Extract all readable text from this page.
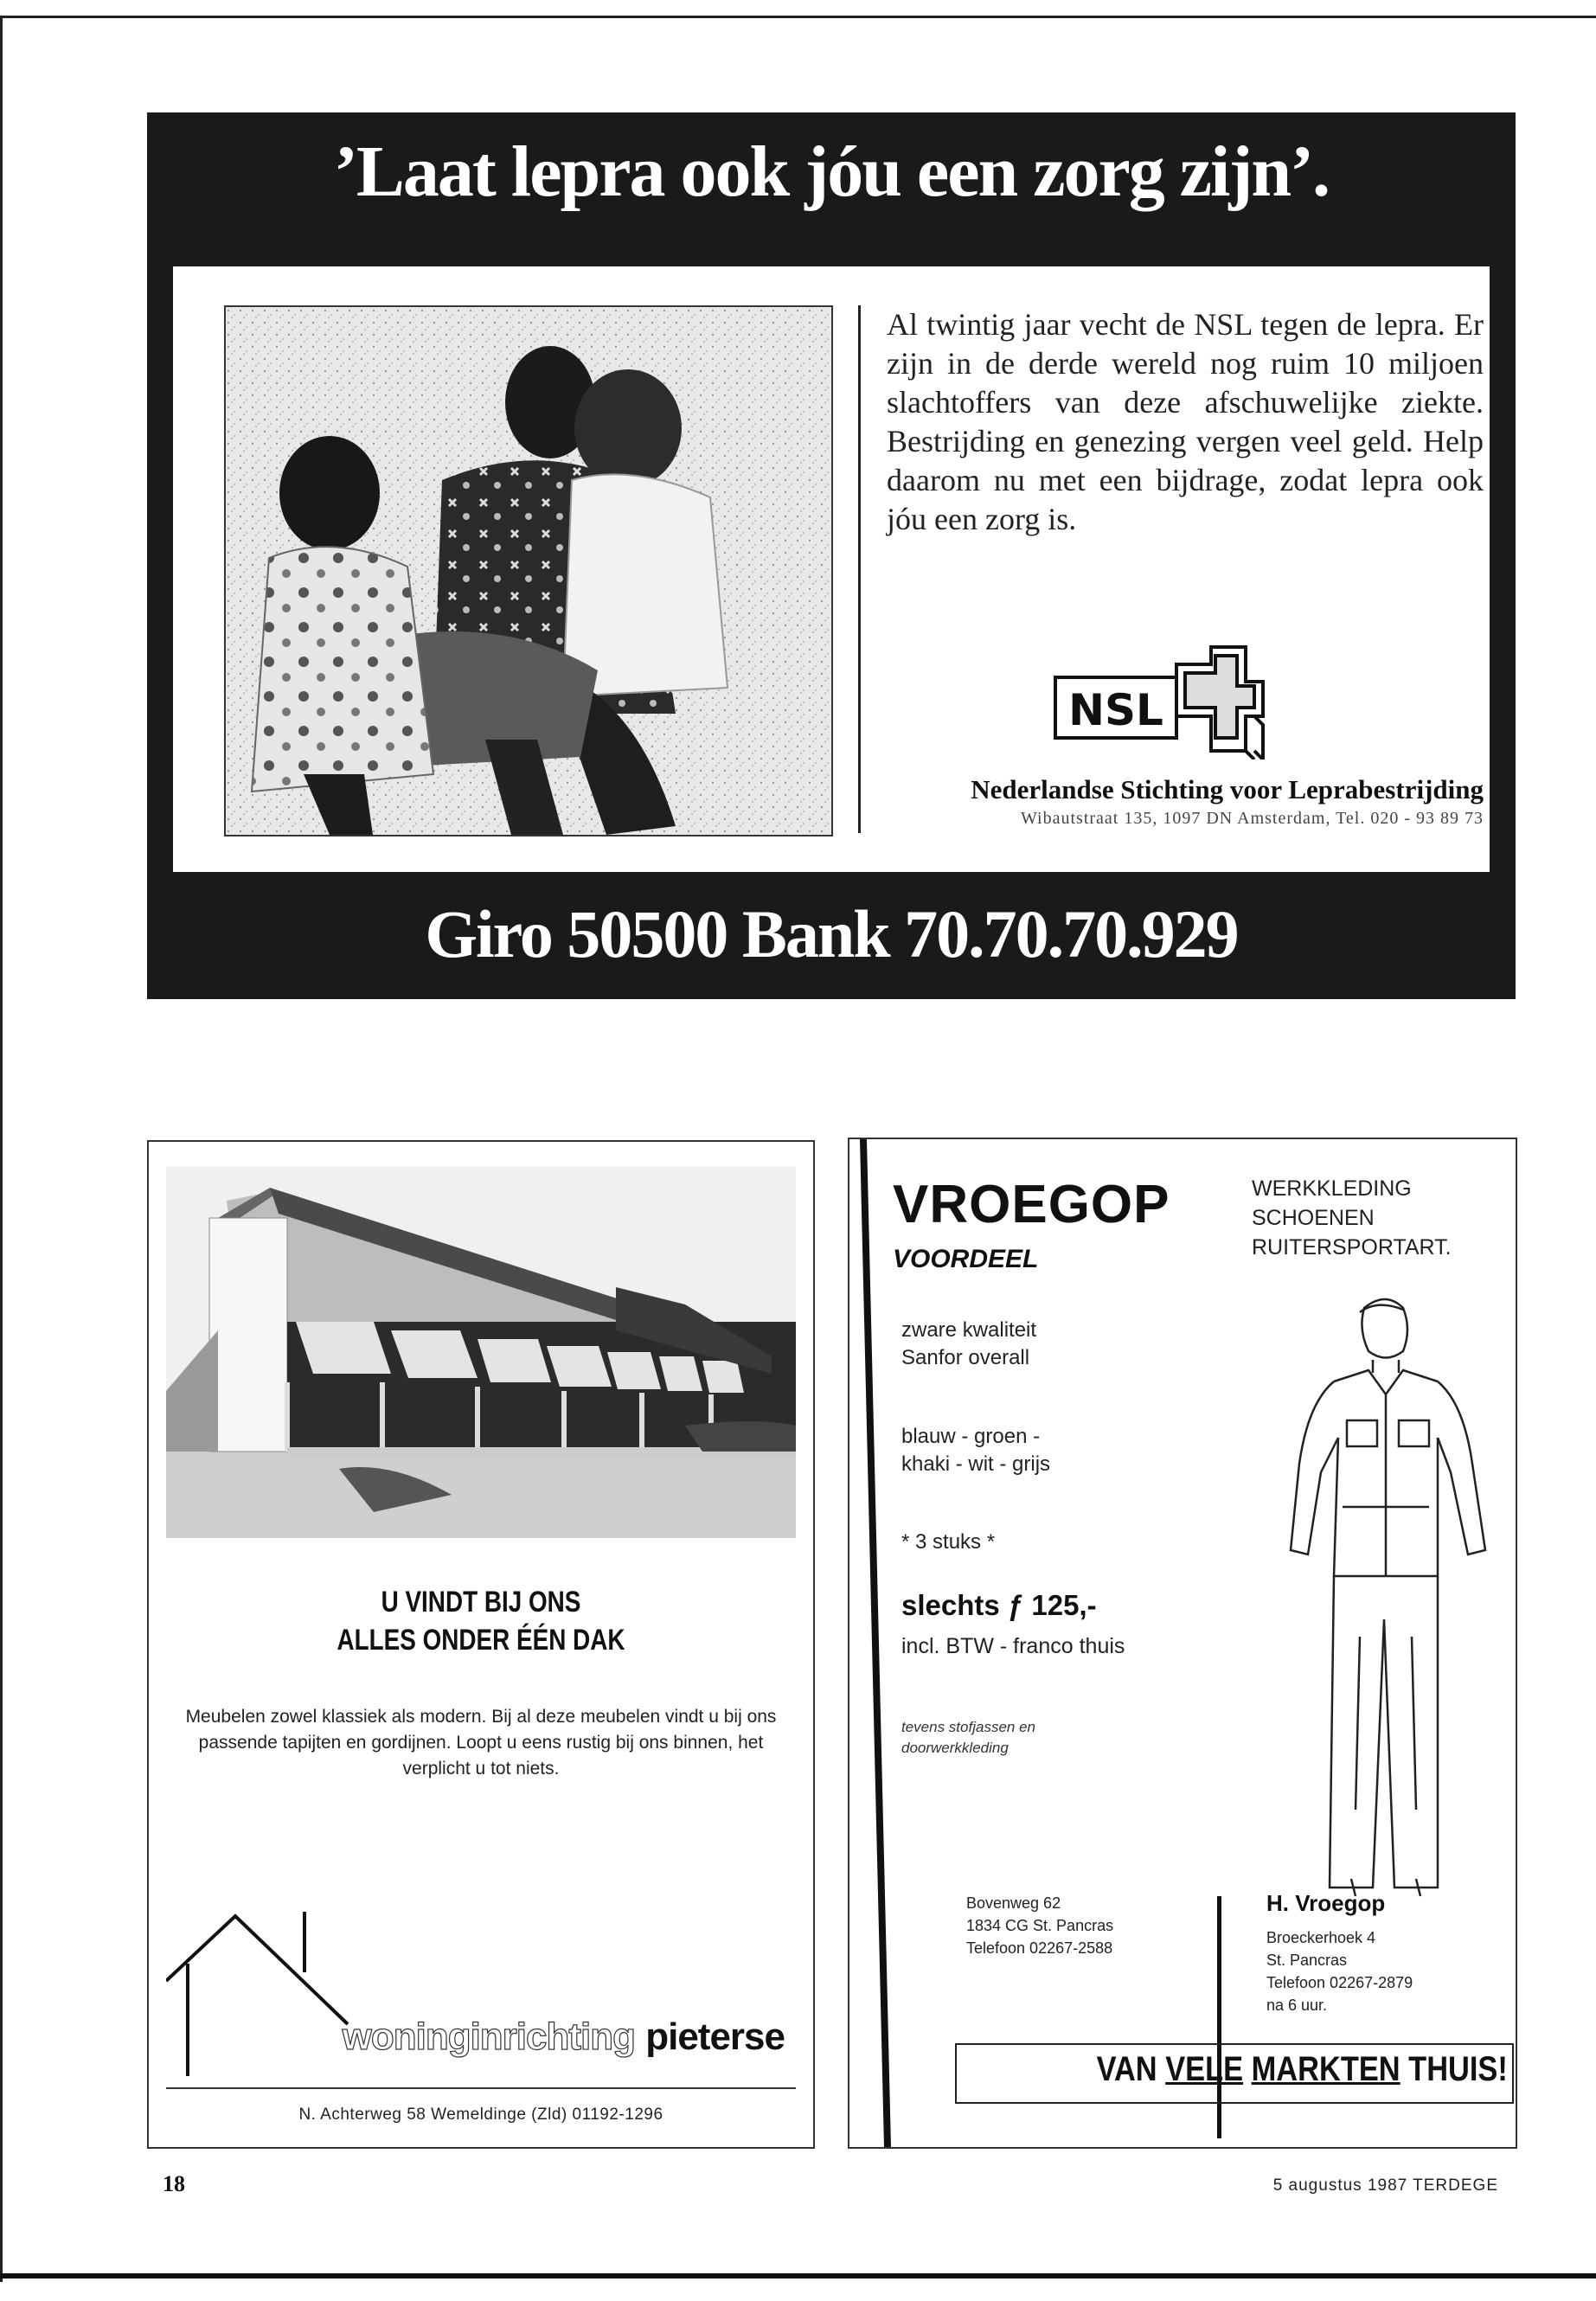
’Laat lepra ook jóu een zorg zijn’.
Al twintig jaar vecht de NSL tegen de lepra. Er zijn in de derde wereld nog ruim 10 miljoen slachtoffers van deze afschuwelijke ziekte. Bestrijding en genezing vergen veel geld. Help daarom nu met een bijdrage, zodat lepra ook jóu een zorg is.
NSL
Nederlandse Stichting voor Leprabestrijding
Wibautstraat 135, 1097 DN Amsterdam, Tel. 020 - 93 89 73
Giro 50500 Bank 70.70.70.929
U VINDT BIJ ONS
ALLES ONDER ÉÉN DAK
Meubelen zowel klassiek als modern. Bij al deze meubelen vindt u bij ons passende tapijten en gordijnen. Loopt u eens rustig bij ons binnen, het verplicht u tot niets.
woninginrichting pieterse
N. Achterweg 58 Wemeldinge (Zld) 01192-1296
VROEGOP
VOORDEEL
WERKKLEDING
SCHOENEN
RUITERSPORTART.
zware kwaliteit
Sanfor overall
blauw - groen -
khaki - wit - grijs
* 3 stuks *
slechts ƒ 125,-
incl. BTW - franco thuis
tevens stofjassen en
doorwerkkleding
Bovenweg 62
1834 CG St. Pancras
Telefoon 02267-2588
H. Vroegop
Broeckerhoek 4
St. Pancras
Telefoon 02267-2879
na 6 uur.
VAN VELE MARKTEN THUIS!
18	5 augustus 1987 TERDEGE
